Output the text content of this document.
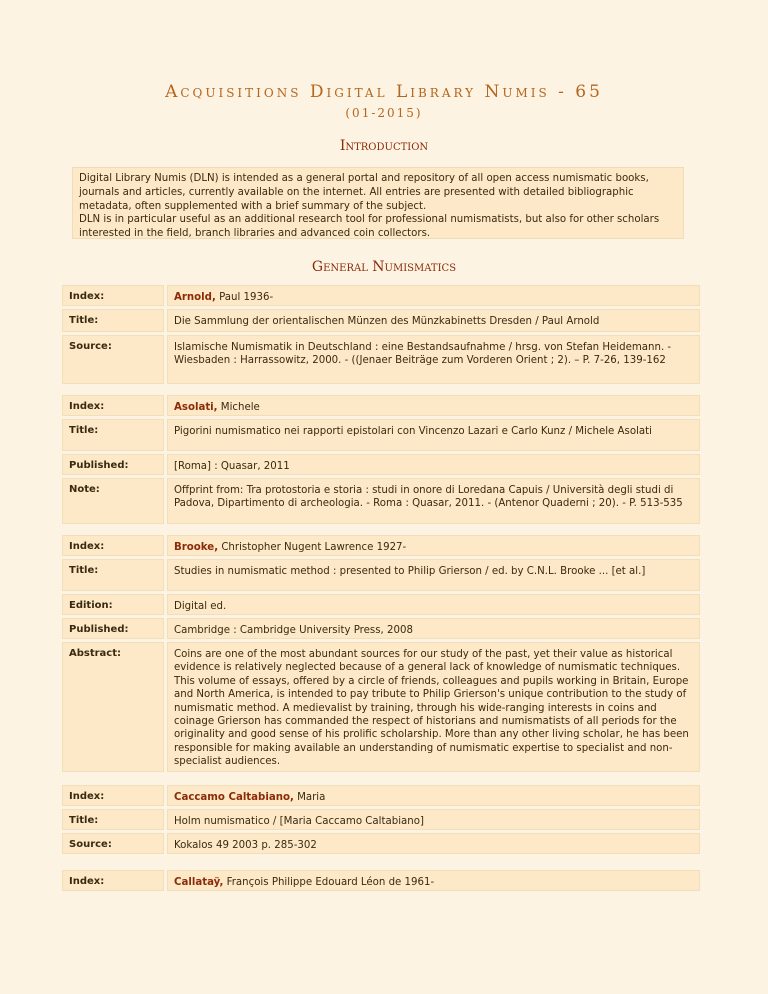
Acquisitions Digital Library Numis - 65
(01-2015)
Introduction

Digital Library Numis (DLN) is intended as a general portal and repository of all open access numismatic books, journals and articles, currently available on the internet. All entries are presented with detailed bibliographic metadata, often supplemented with a brief summary of the subject.

DLN is in particular useful as an additional research tool for professional numismatists, but also for other scholars interested in the field, branch libraries and advanced coin collectors.

General Numismatics
Index:	Arnold, Paul 1936-
Title:	Die Sammlung der orientalischen Münzen des Münzkabinetts Dresden / Paul Arnold
Source:	Islamische Numismatik in Deutschland : eine Bestandsaufnahme / hrsg. von Stefan Heidemann. - Wiesbaden : Harrassowitz, 2000. - ((Jenaer Beiträge zum Vorderen Orient ; 2). – P. 7-26, 139-162
Index:	Asolati, Michele
Title:	Pigorini numismatico nei rapporti epistolari con Vincenzo Lazari e Carlo Kunz / Michele Asolati
Published:	[Roma] : Quasar, 2011
Note:	Offprint from: Tra protostoria e storia : studi in onore di Loredana Capuis / Università degli studi di Padova, Dipartimento di archeologia. - Roma : Quasar, 2011. - (Antenor Quaderni ; 20). - P. 513-535
Index:	Brooke, Christopher Nugent Lawrence 1927-
Title:	Studies in numismatic method : presented to Philip Grierson / ed. by C.N.L. Brooke ... [et al.]
Edition:	Digital ed.
Published:	Cambridge : Cambridge University Press, 2008
Abstract:	Coins are one of the most abundant sources for our study of the past, yet their value as historical evidence is relatively neglected because of a general lack of knowledge of numismatic techniques. This volume of essays, offered by a circle of friends, colleagues and pupils working in Britain, Europe and North America, is intended to pay tribute to Philip Grierson's unique contribution to the study of numismatic method. A medievalist by training, through his wide-ranging interests in coins and coinage Grierson has commanded the respect of historians and numismatists of all periods for the originality and good sense of his prolific scholarship. More than any other living scholar, he has been responsible for making available an understanding of numismatic expertise to specialist and non-specialist audiences.
Index:	Caccamo Caltabiano, Maria
Title:	Holm numismatico / [Maria Caccamo Caltabiano]
Source:	Kokalos 49 2003 p. 285-302
Index:	Callataÿ, François Philippe Edouard Léon de 1961-
